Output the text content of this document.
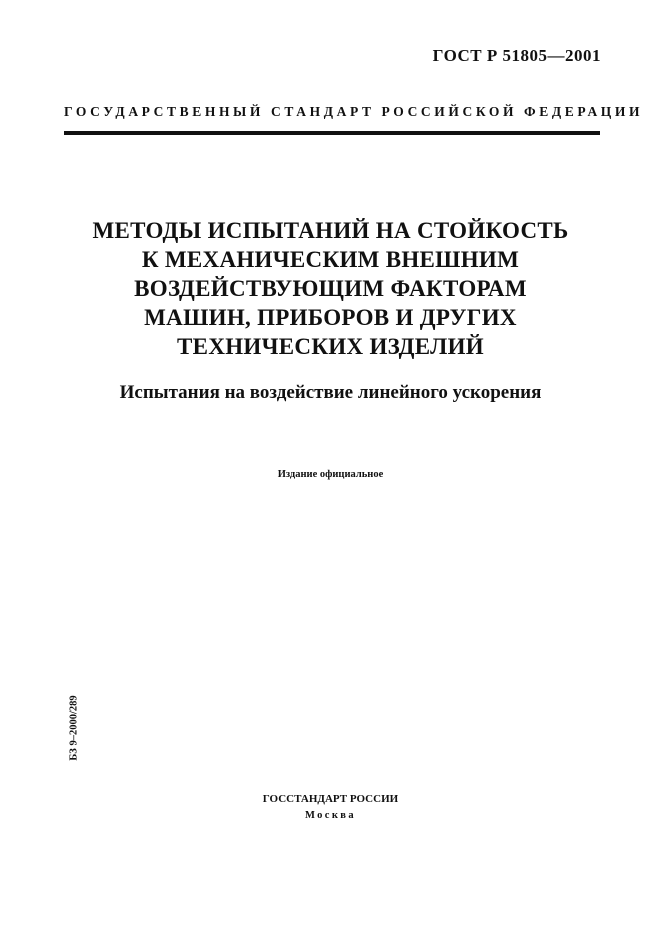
ГОСТ Р 51805—2001
ГОСУДАРСТВЕННЫЙ СТАНДАРТ РОССИЙСКОЙ ФЕДЕРАЦИИ
МЕТОДЫ ИСПЫТАНИЙ НА СТОЙКОСТЬ
К МЕХАНИЧЕСКИМ ВНЕШНИМ
ВОЗДЕЙСТВУЮЩИМ ФАКТОРАМ
МАШИН, ПРИБОРОВ И ДРУГИХ
ТЕХНИЧЕСКИХ ИЗДЕЛИЙ
Испытания на воздействие линейного ускорения
Издание официальное
БЗ 9–2000/289
ГОССТАНДАРТ РОССИИ
Москва
